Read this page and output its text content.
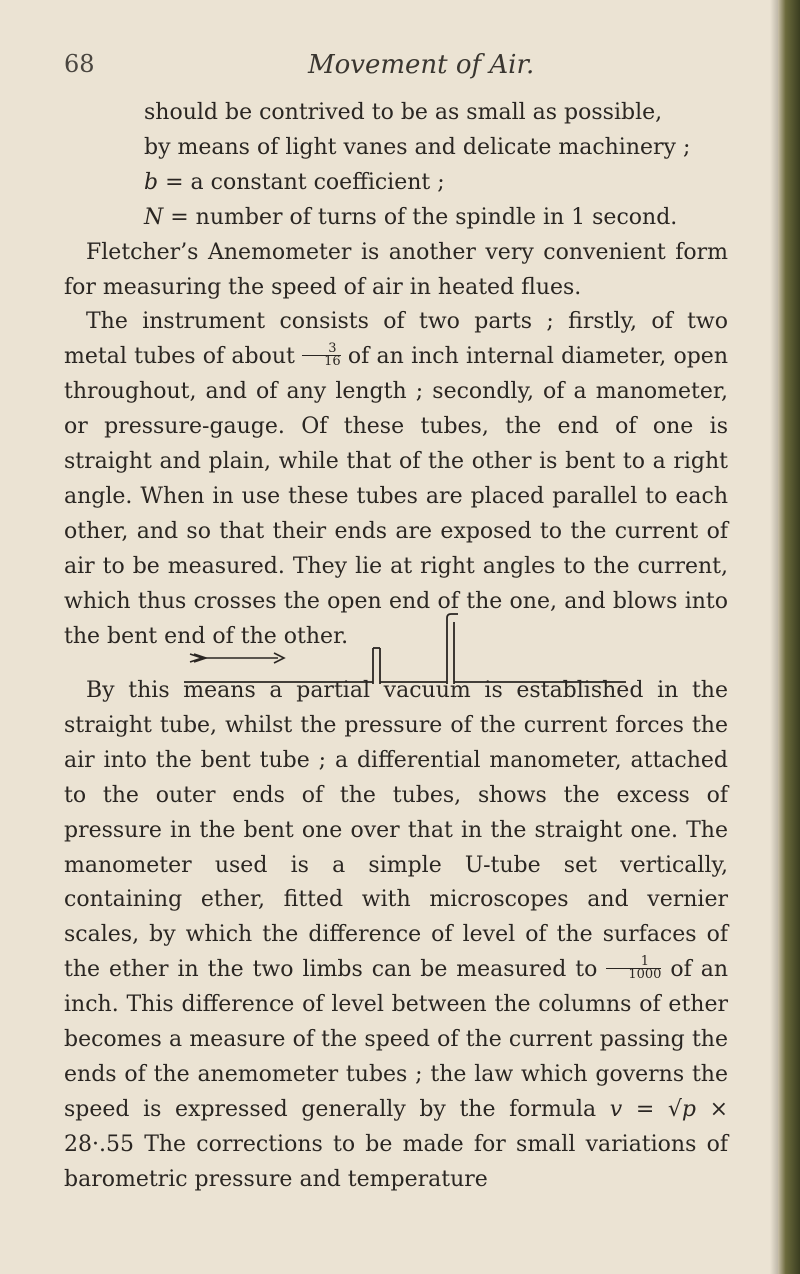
68	Movement of Air.

should be contrived to be as small as possible,

by means of light vanes and delicate machinery ;

b = a constant coefficient ;

N = number of turns of the spindle in 1 second.

Fletcher’s Anemometer is another very convenient form for measuring the speed of air in heated flues.

The instrument consists of two parts ; firstly, of two metal tubes of about $\frac{3}{16}$ of an inch internal diameter, open throughout, and of any length ; secondly, of a manometer, or pressure-gauge. Of these tubes, the end of one is straight and plain, while that of the other is bent to a right angle. When in use these tubes are placed parallel to each other, and so that their ends are exposed to the current of air to be measured. They lie at right angles to the current, which thus crosses the open end of the one, and blows into the bent end of the other.

By this means a partial vacuum is established in the straight tube, whilst the pressure of the current forces the air into the bent tube ; a differential manometer, attached to the outer ends of the tubes, shows the excess of pressure in the bent one over that in the straight one. The manometer used is a simple U-tube set vertically, containing ether, fitted with microscopes and vernier scales, by which the difference of level of the surfaces of the ether in the two limbs can be measured to $\frac{1}{1000}$ of an inch. This difference of level between the columns of ether becomes a measure of the speed of the current passing the ends of the anemometer tubes ; the law which governs the speed is expressed generally by the formula v = √p × 28·.55 The corrections to be made for small variations of barometric pressure and temperature
